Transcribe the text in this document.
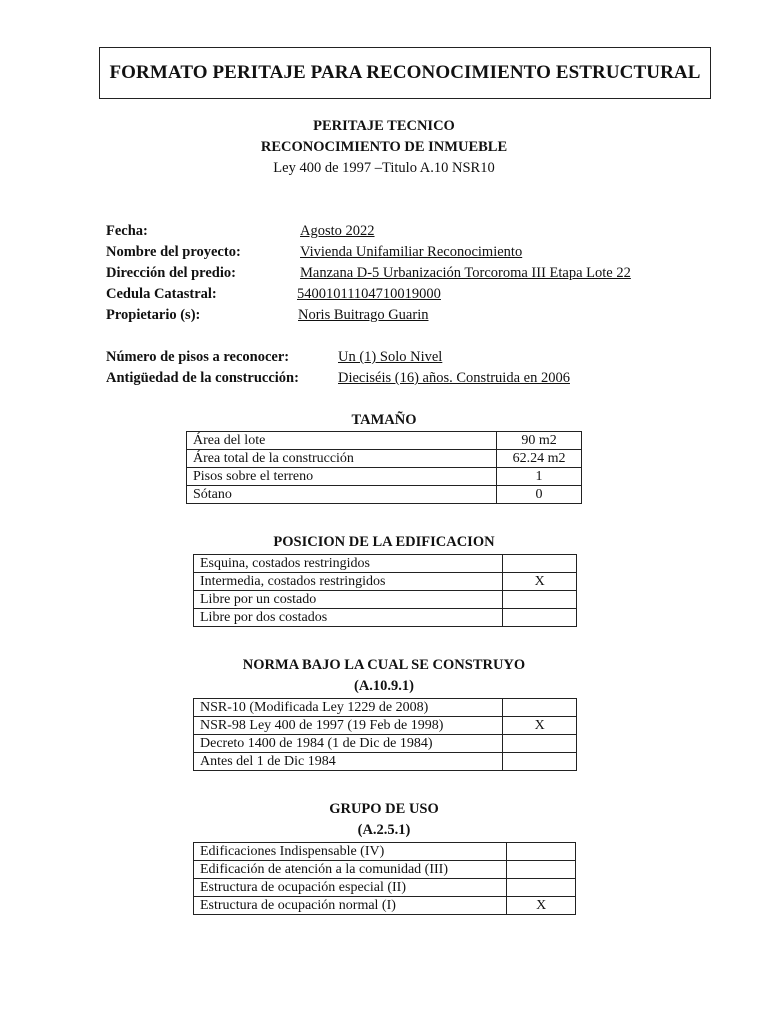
FORMATO PERITAJE PARA RECONOCIMIENTO ESTRUCTURAL
PERITAJE TECNICO
RECONOCIMIENTO DE INMUEBLE
Ley 400 de 1997 –Titulo A.10 NSR10
Fecha:	Agosto 2022
Nombre del proyecto:	Vivienda Unifamiliar Reconocimiento
Dirección del predio:	Manzana D-5 Urbanización Torcoroma III Etapa Lote 22
Cedula Catastral:	540010111047100190​00
Propietario (s):	Noris Buitrago Guarin
Número de pisos a reconocer:	Un (1) Solo Nivel
Antigüedad de la construcción:	Dieciséis (16) años. Construida en 2006
TAMAÑO
Área del lote	90 m2
Área total de la construcción	62.24 m2
Pisos sobre el terreno	1
Sótano	0
POSICION DE LA EDIFICACION
Esquina, costados restringidos	
Intermedia, costados restringidos	X
Libre por un costado	
Libre por dos costados	
NORMA BAJO LA CUAL SE CONSTRUYO
(A.10.9.1)
NSR-10 (Modificada Ley 1229 de 2008)	
NSR-98 Ley 400 de 1997 (19 Feb de 1998)	X
Decreto 1400 de 1984 (1 de Dic de 1984)	
Antes del 1 de Dic 1984	
GRUPO DE USO
(A.2.5.1)
Edificaciones Indispensable (IV)	
Edificación de atención a la comunidad (III)	
Estructura de ocupación especial (II)	
Estructura de ocupación normal (I)	X
